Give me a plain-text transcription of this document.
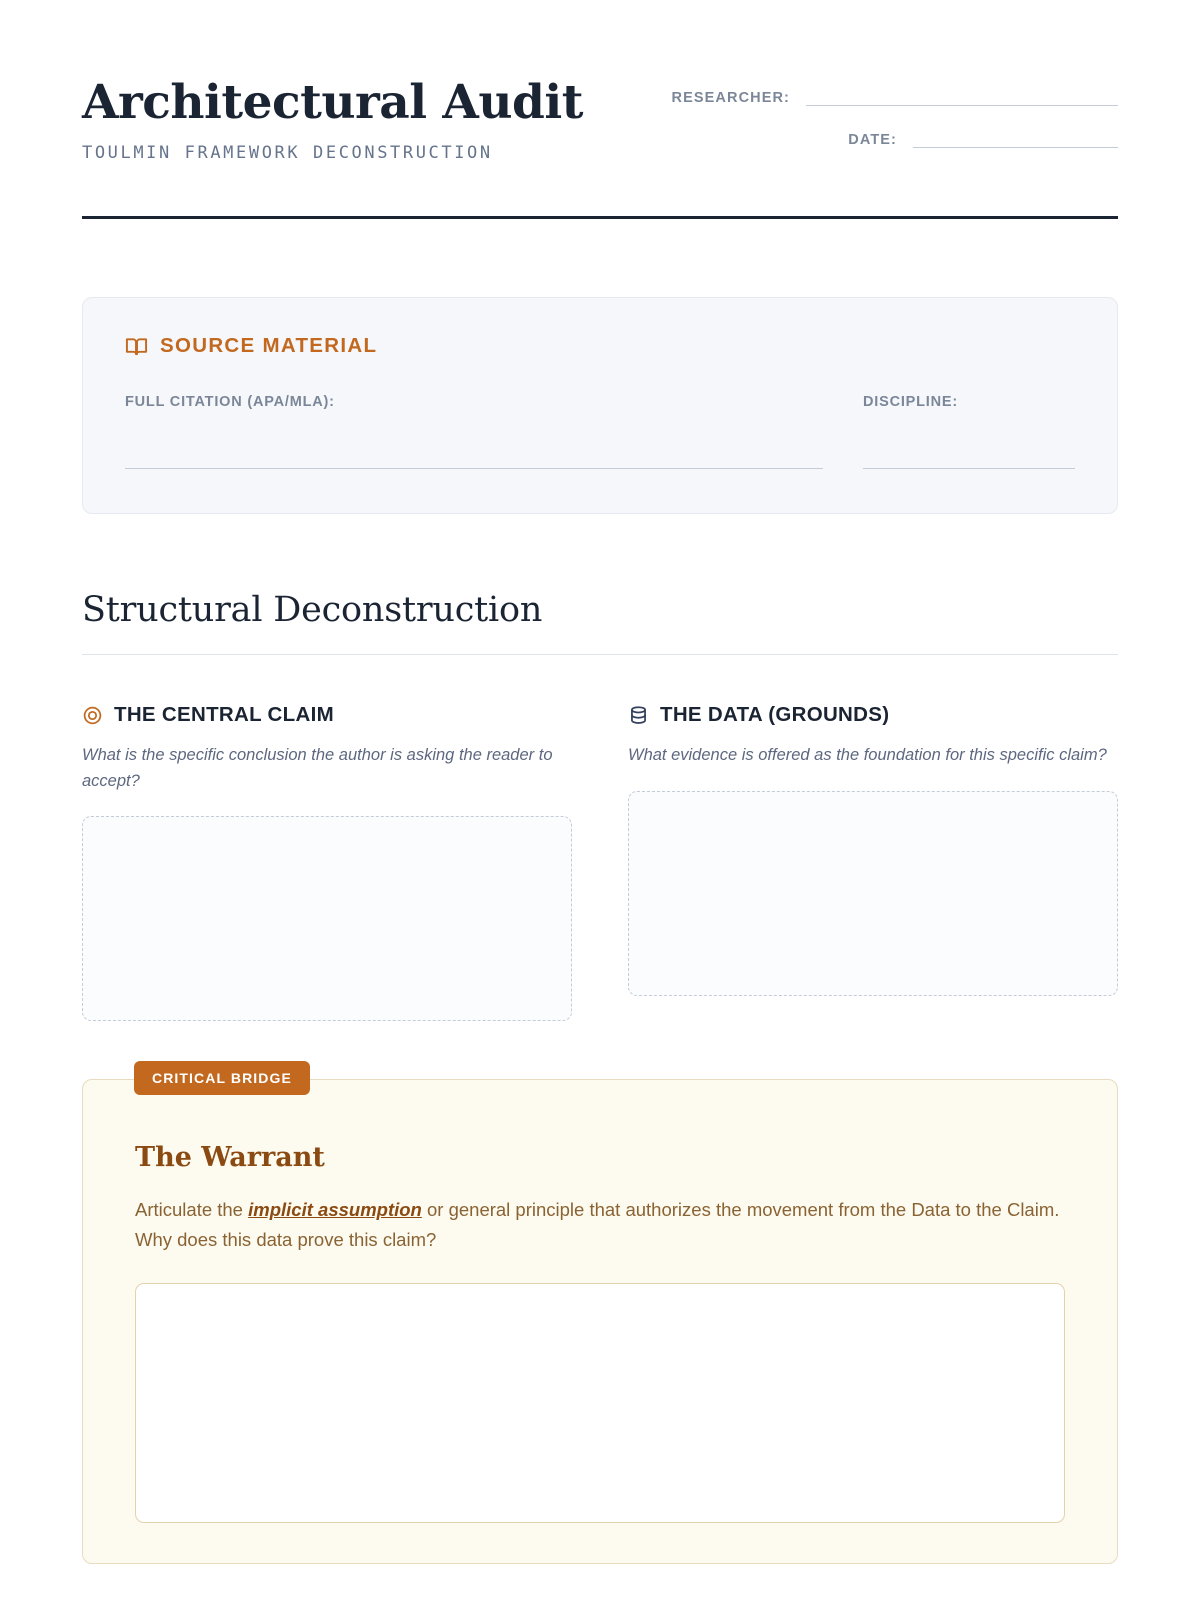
Architectural Audit
TOULMIN FRAMEWORK DECONSTRUCTION
RESEARCHER:
DATE:
SOURCE MATERIAL
FULL CITATION (APA/MLA):	DISCIPLINE:
Structural Deconstruction
THE CENTRAL CLAIM
What is the specific conclusion the author is asking the reader to accept?
THE DATA (GROUNDS)
What evidence is offered as the foundation for this specific claim?
CRITICAL BRIDGE
The Warrant

Articulate the implicit assumption or general principle that authorizes the movement from the Data to the Claim. Why does this data prove this claim?
